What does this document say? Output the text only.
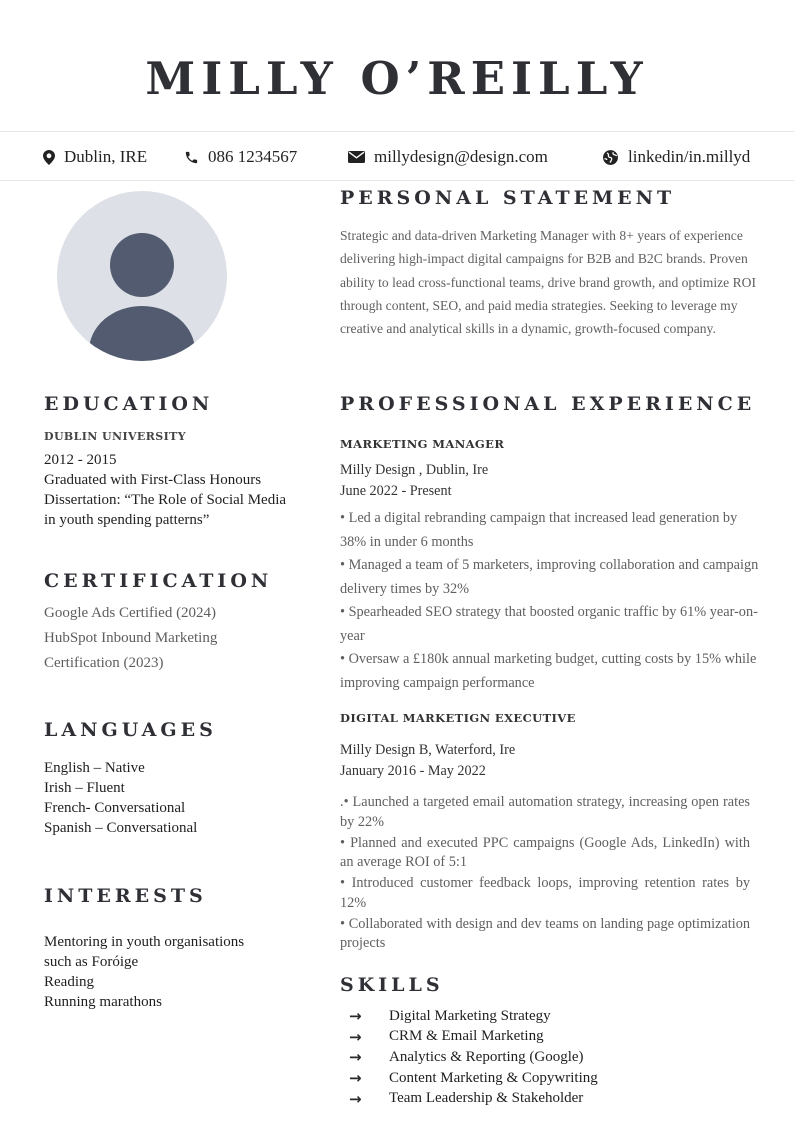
MILLY O’REILLY
Dublin, IRE	086 1234567	millydesign@design.com	linkedin/in.millyd
PERSONAL STATEMENT
Strategic and data-driven Marketing Manager with 8+ years of experience delivering high-impact digital campaigns for B2B and B2C brands. Proven ability to lead cross-functional teams, drive brand growth, and optimize ROI through content, SEO, and paid media strategies. Seeking to leverage my creative and analytical skills in a dynamic, growth-focused company.
EDUCATION
DUBLIN UNIVERSITY
2012 - 2015
Graduated with First-Class Honours
Dissertation: “The Role of Social Media
in youth spending patterns”
CERTIFICATION
Google Ads Certified (2024)
HubSpot Inbound Marketing
Certification (2023)
LANGUAGES
English – Native
Irish – Fluent
French- Conversational
Spanish – Conversational
INTERESTS
Mentoring in youth organisations
such as Foróige
Reading
Running marathons
PROFESSIONAL EXPERIENCE
MARKETING MANAGER
Milly Design , Dublin, Ire
June 2022 - Present

• Led a digital rebranding campaign that increased lead generation by 38% in under 6 months

• Managed a team of 5 marketers, improving collaboration and campaign delivery times by 32%

• Spearheaded SEO strategy that boosted organic traffic by 61% year-on-year

• Oversaw a £180k annual marketing budget, cutting costs by 15% while improving campaign performance

DIGITAL MARKETIGN EXECUTIVE
Milly Design B, Waterford, Ire
January 2016 - May 2022

.• Launched a targeted email automation strategy, increasing open rates by 22%

• Planned and executed PPC campaigns (Google Ads, LinkedIn) with an average ROI of 5:1

• Introduced customer feedback loops, improving retention rates by 12%

• Collaborated with design and dev teams on landing page optimization projects

SKILLS
→	Digital Marketing Strategy
→	CRM & Email Marketing
→	Analytics & Reporting (Google)
→	Content Marketing & Copywriting
→	Team Leadership & Stakeholder
